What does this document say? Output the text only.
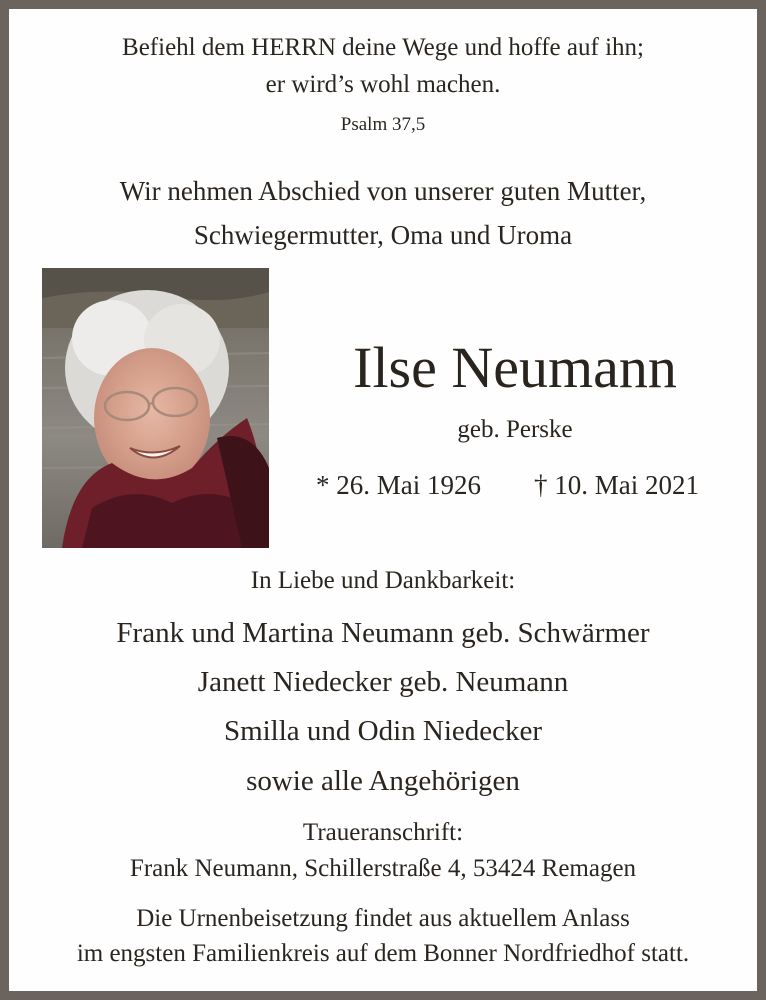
Befiehl dem HERRN deine Wege und hoffe auf ihn;
er wird’s wohl machen.
Psalm 37,5
Wir nehmen Abschied von unserer guten Mutter,
Schwiegermutter, Oma und Uroma
Ilse Neumann
geb. Perske
* 26. Mai 1926 † 10. Mai 2021
In Liebe und Dankbarkeit:
Frank und Martina Neumann geb. Schwärmer
Janett Niedecker geb. Neumann
Smilla und Odin Niedecker
sowie alle Angehörigen
Traueranschrift:
Frank Neumann, Schillerstraße 4, 53424 Remagen
Die Urnenbeisetzung findet aus aktuellem Anlass
im engsten Familienkreis auf dem Bonner Nordfriedhof statt.
